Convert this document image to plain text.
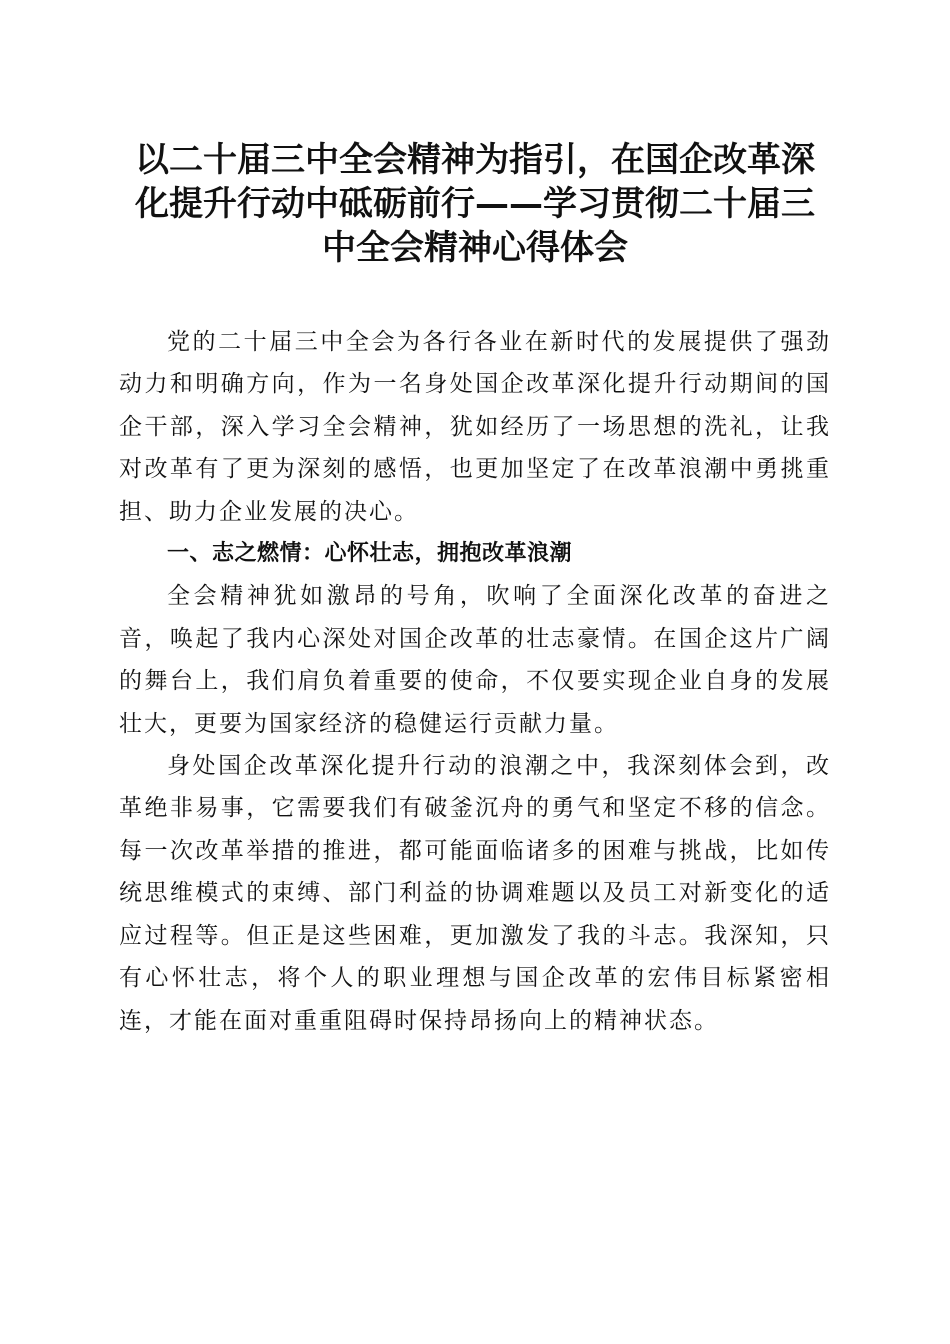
以二十届三中全会精神为指引，在国企改革深
化提升行动中砥砺前行——学习贯彻二十届三
中全会精神心得体会

党的二十届三中全会为各行各业在新时代的发展提供了强劲动力和明确方向，作为一名身处国企改革深化提升行动期间的国企干部，深入学习全会精神，犹如经历了一场思想的洗礼，让我对改革有了更为深刻的感悟，也更加坚定了在改革浪潮中勇挑重担、助力企业发展的决心。

一、志之燃情：心怀壮志，拥抱改革浪潮

全会精神犹如激昂的号角，吹响了全面深化改革的奋进之音，唤起了我内心深处对国企改革的壮志豪情。在国企这片广阔的舞台上，我们肩负着重要的使命，不仅要实现企业自身的发展壮大，更要为国家经济的稳健运行贡献力量。

身处国企改革深化提升行动的浪潮之中，我深刻体会到，改革绝非易事，它需要我们有破釜沉舟的勇气和坚定不移的信念。每一次改革举措的推进，都可能面临诸多的困难与挑战，比如传统思维模式的束缚、部门利益的协调难题以及员工对新变化的适应过程等。但正是这些困难，更加激发了我的斗志。我深知，只有心怀壮志，将个人的职业理想与国企改革的宏伟目标紧密相连，才能在面对重重阻碍时保持昂扬向上的精神状态。
